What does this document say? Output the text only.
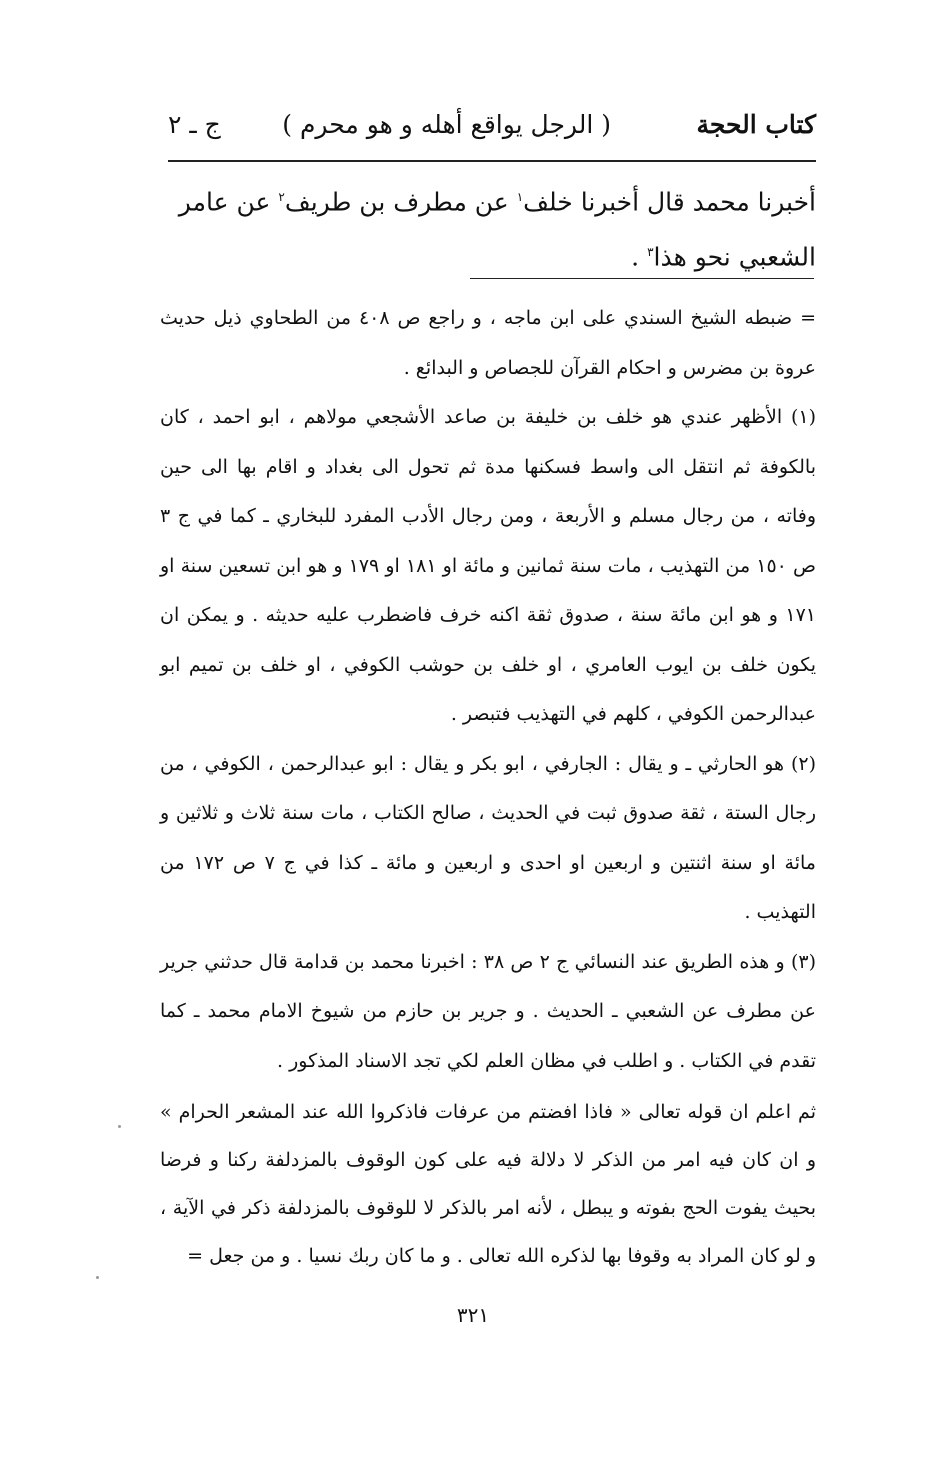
كتاب الحجة
( الرجل يواقع أهله و هو محرم )
ج ـ ٢

أخبرنا محمد قال أخبرنا خلف$^١$ عن مطرف بن طريف$^٢$ عن عامر الشعبي نحو هذا$^٣$ .

= ضبطه الشيخ السندي على ابن ماجه ، و راجع ص ٤٠٨ من الطحاوي ذيل حديث عروة بن مضرس و احكام القرآن للجصاص و البدائع .

(١) الأظهر عندي هو خلف بن خليفة بن صاعد الأشجعي مولاهم ، ابو احمد ، كان بالكوفة ثم انتقل الى واسط فسكنها مدة ثم تحول الى بغداد و اقام بها الى حين وفاته ، من رجال مسلم و الأربعة ، ومن رجال الأدب المفرد للبخاري ـ كما في ج ٣ ص ١٥٠ من التهذيب ، مات سنة ثمانين و مائة او ١٨١ او ١٧٩ و هو ابن تسعين سنة او ١٧١ و هو ابن مائة سنة ، صدوق ثقة اكنه خرف فاضطرب عليه حديثه . و يمكن ان يكون خلف بن ايوب العامري ، او خلف بن حوشب الكوفي ، او خلف بن تميم ابو عبدالرحمن الكوفي ، كلهم في التهذيب فتبصر .

(٢) هو الحارثي ـ و يقال : الجارفي ، ابو بكر و يقال : ابو عبدالرحمن ، الكوفي ، من رجال الستة ، ثقة صدوق ثبت في الحديث ، صالح الكتاب ، مات سنة ثلاث و ثلاثين و مائة او سنة اثنتين و اربعين او احدى و اربعين و مائة ـ كذا في ج ٧ ص ١٧٢ من التهذيب .

(٣) و هذه الطريق عند النسائي ج ٢ ص ٣٨ : اخبرنا محمد بن قدامة قال حدثني جرير عن مطرف عن الشعبي ـ الحديث . و جرير بن حازم من شيوخ الامام محمد ـ كما تقدم في الكتاب . و اطلب في مظان العلم لكي تجد الاسناد المذكور .

ثم اعلم ان قوله تعالى « فاذا افضتم من عرفات فاذكروا الله عند المشعر الحرام » و ان كان فيه امر من الذكر لا دلالة فيه على كون الوقوف بالمزدلفة ركنا و فرضا بحيث يفوت الحج بفوته و يبطل ، لأنه امر بالذكر لا للوقوف بالمزدلفة ذكر في الآية ، و لو كان المراد به وقوفا بها لذكره الله تعالى . و ما كان ربك نسيا . و من جعل =

٣٢١
